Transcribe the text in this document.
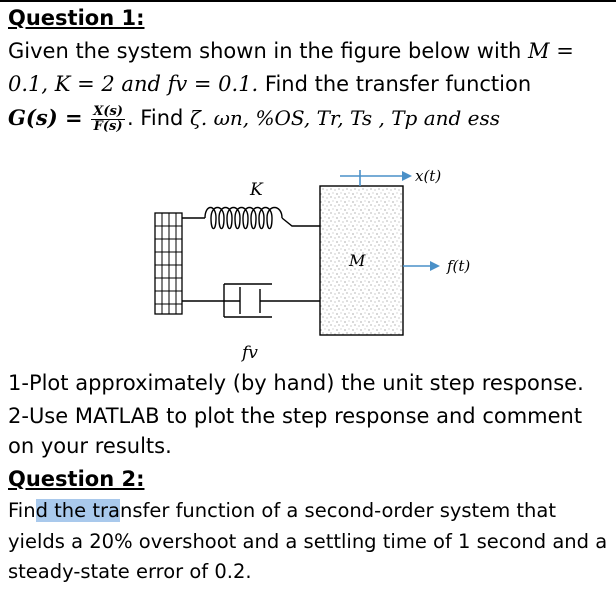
Question 1:
Given the system shown in the figure below with M =
0.1, K = 2 and fv = 0.1. Find the transfer function
$G(s) = \frac{X(s)}{F(s)}$ . Find ζ. ωn, %OS, Tr, Ts , Tp and ess
K
fv
M
x(t)
f(t)
1-Plot approximately (by hand) the unit step response.
2-Use MATLAB to plot the step response and comment
on your results.
Question 2:
Find the transfer function of a second-order system that
yields a 20% overshoot and a settling time of 1 second and a
steady-state error of 0.2.
